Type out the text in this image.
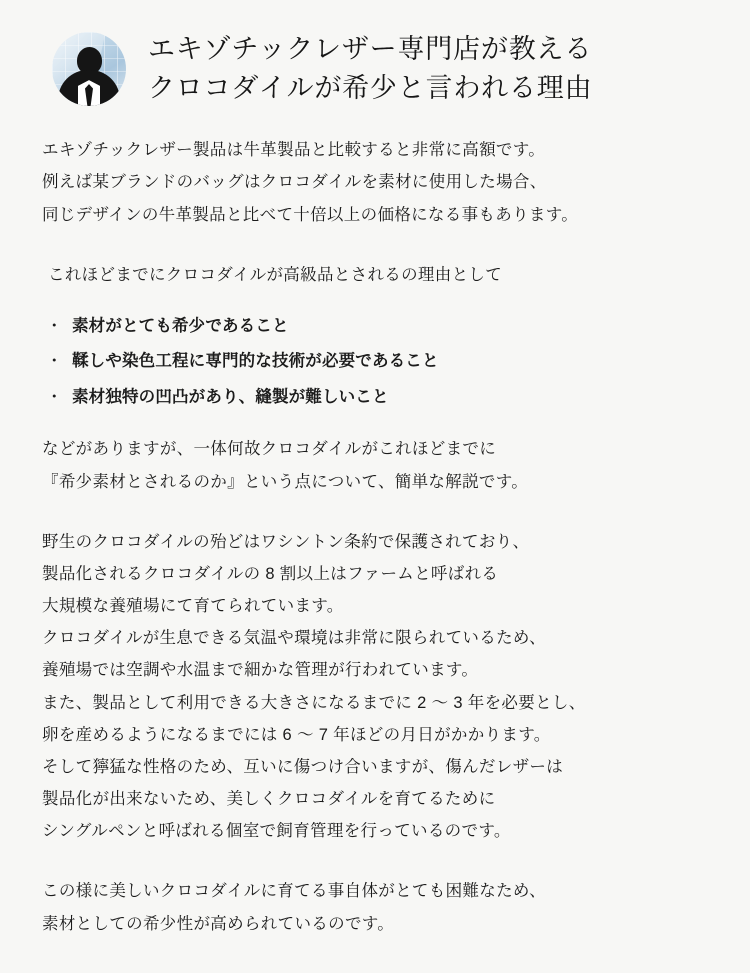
エキゾチックレザー専門店が教える
クロコダイルが希少と言われる理由

エキゾチックレザー製品は牛革製品と比較すると非常に高額です。

例えば某ブランドのバッグはクロコダイルを素材に使用した場合、

同じデザインの牛革製品と比べて十倍以上の価格になる事もあります。

これほどまでにクロコダイルが高級品とされるの理由として

・ 素材がとても希少であること
・ 鞣しや染色工程に専門的な技術が必要であること
・ 素材独特の凹凸があり、縫製が難しいこと

などがありますが、一体何故クロコダイルがこれほどまでに

『希少素材とされるのか』という点について、簡単な解説です。

野生のクロコダイルの殆どはワシントン条約で保護されており、

製品化されるクロコダイルの 8 割以上はファームと呼ばれる

大規模な養殖場にて育てられています。

クロコダイルが生息できる気温や環境は非常に限られているため、

養殖場では空調や水温まで細かな管理が行われています。

また、製品として利用できる大きさになるまでに 2 〜 3 年を必要とし、

卵を産めるようになるまでには 6 〜 7 年ほどの月日がかかります。

そして獰猛な性格のため、互いに傷つけ合いますが、傷んだレザーは

製品化が出来ないため、美しくクロコダイルを育てるために

シングルペンと呼ばれる個室で飼育管理を行っているのです。

この様に美しいクロコダイルに育てる事自体がとても困難なため、

素材としての希少性が高められているのです。
